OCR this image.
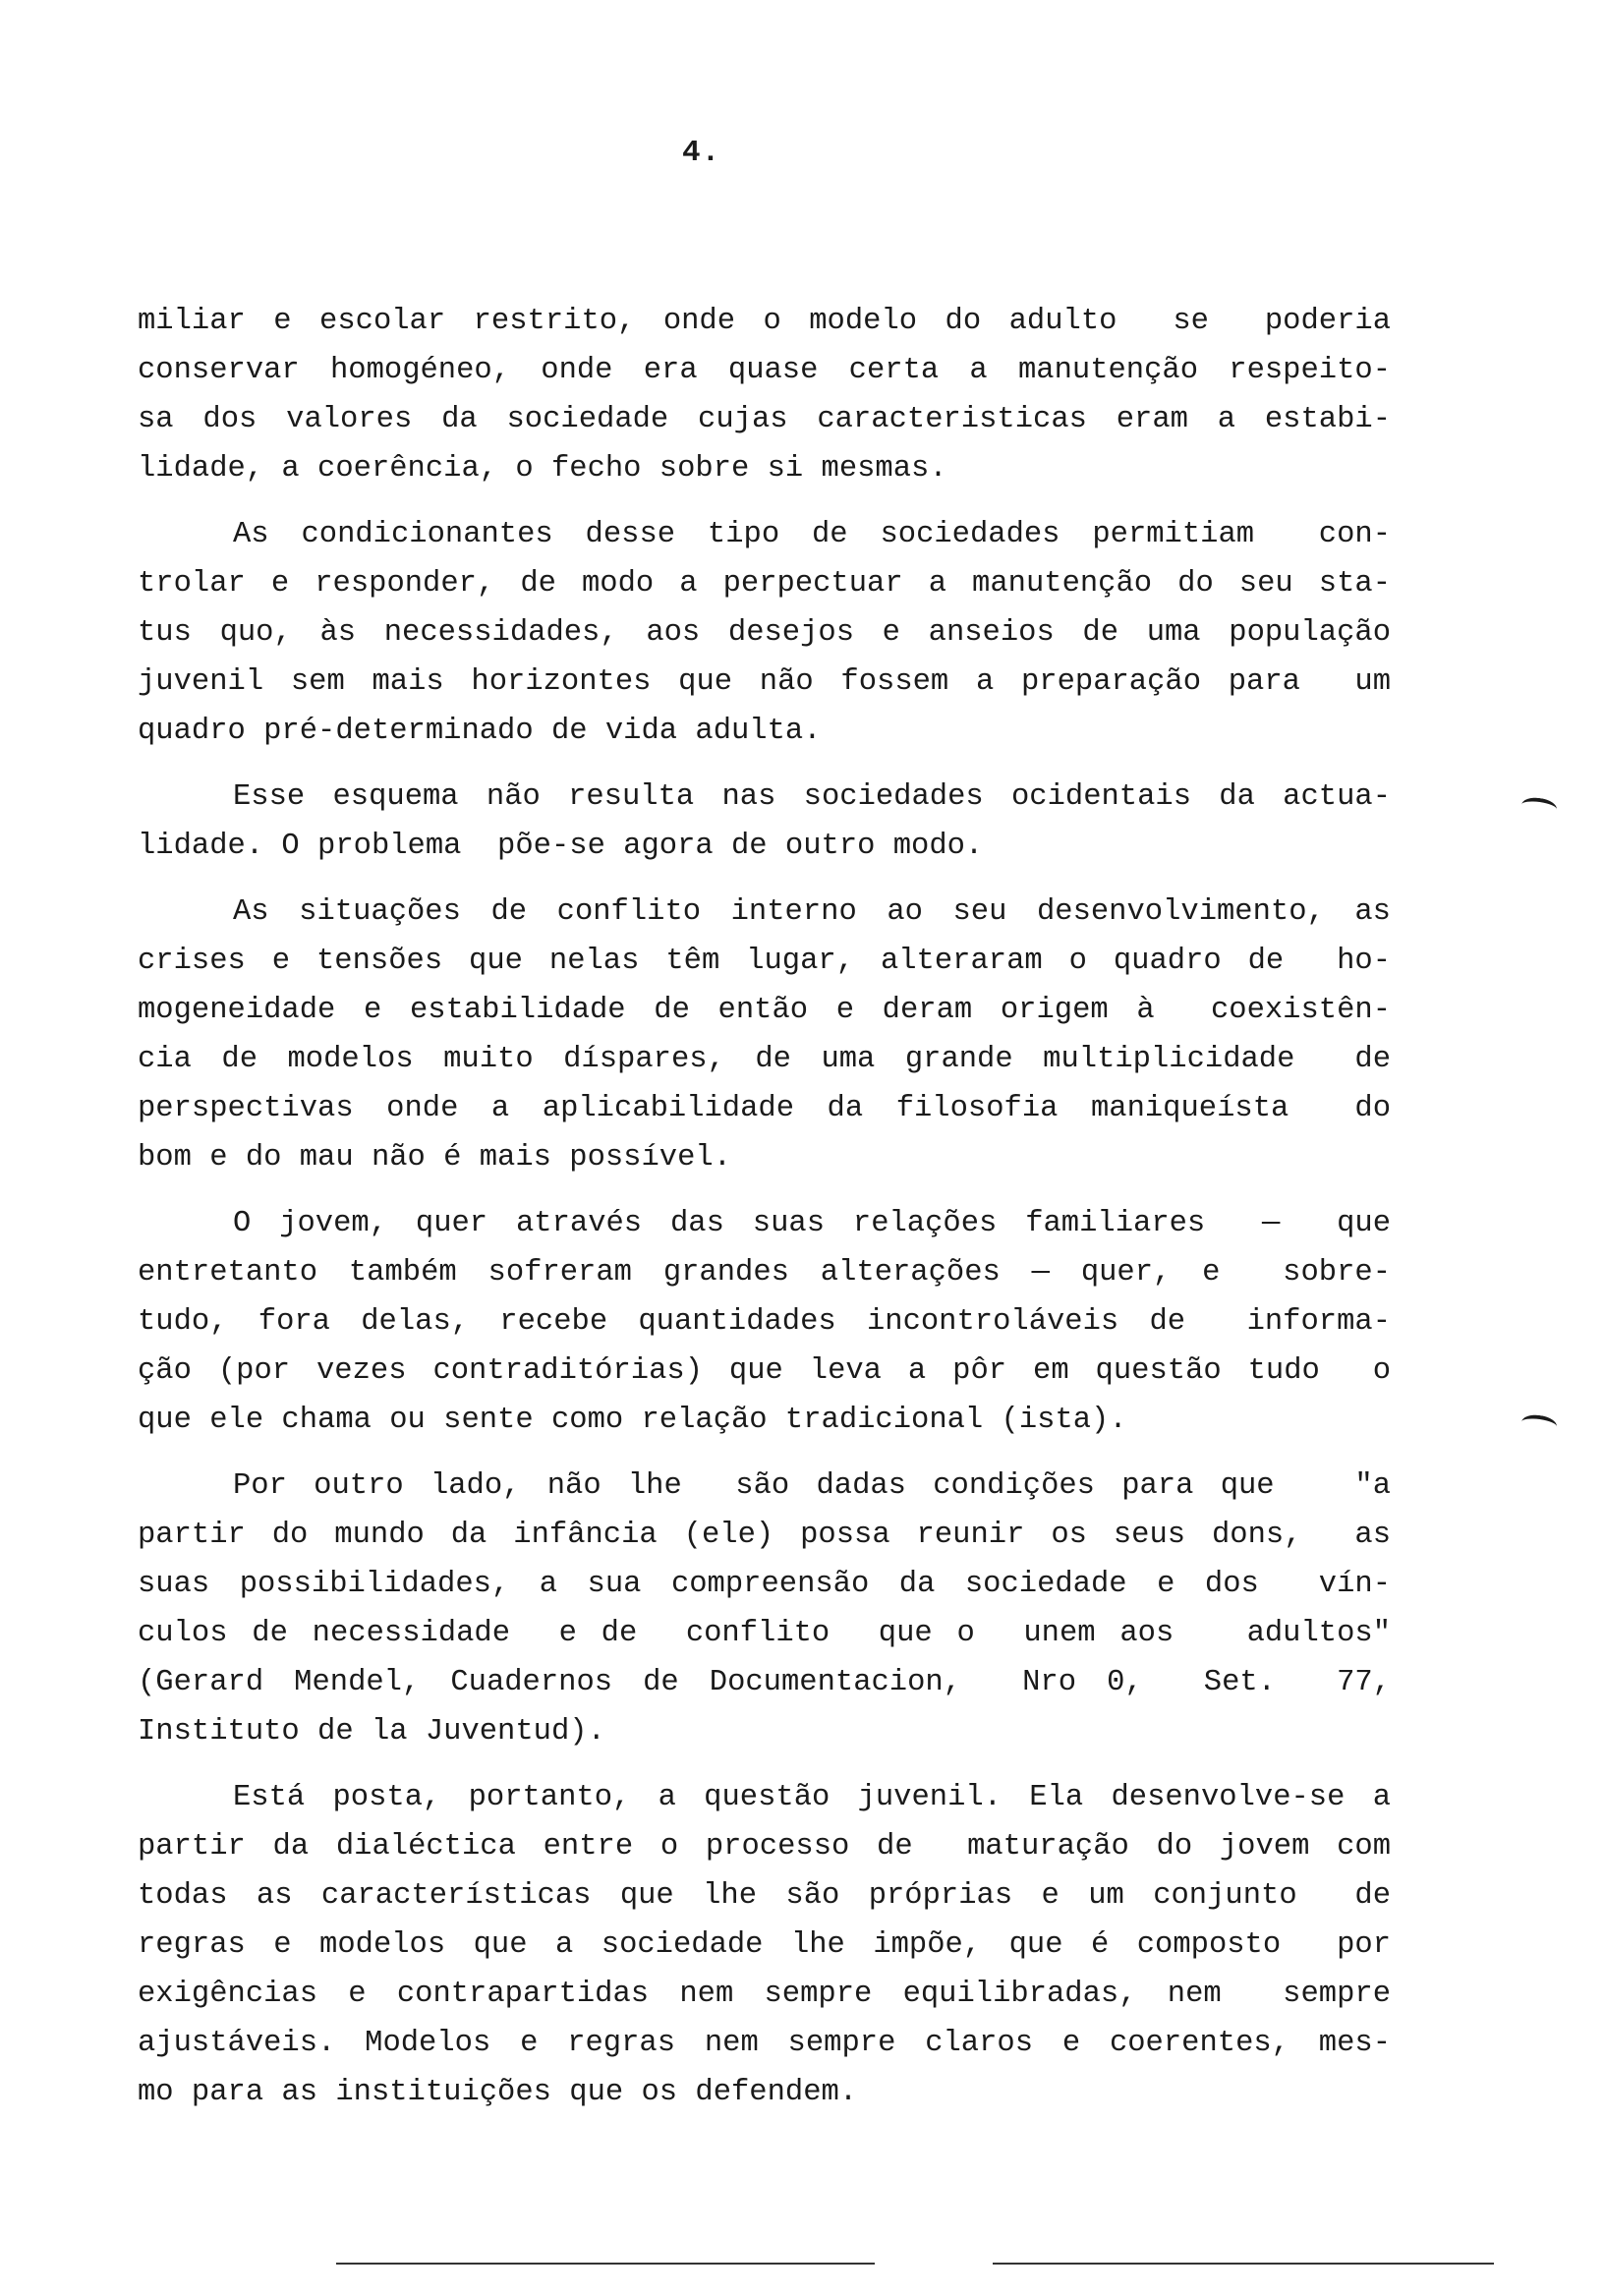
4.
miliar e escolar restrito, onde o modelo do adulto  se  poderia
conservar homogéneo, onde era quase certa a manutenção respeito-
sa dos valores da sociedade cujas caracteristicas eram a estabi-
lidade, a coerência, o fecho sobre si mesmas.
As condicionantes desse tipo de sociedades permitiam  con-
trolar e responder, de modo a perpectuar a manutenção do seu sta-
tus quo, às necessidades, aos desejos e anseios de uma população
juvenil sem mais horizontes que não fossem a preparação para  um
quadro pré-determinado de vida adulta.
Esse esquema não resulta nas sociedades ocidentais da actua-
lidade. O problema  põe-se agora de outro modo.
As situações de conflito interno ao seu desenvolvimento, as
crises e tensões que nelas têm lugar, alteraram o quadro de  ho-
mogeneidade e estabilidade de então e deram origem à  coexistên-
cia de modelos muito díspares, de uma grande multiplicidade  de
perspectivas onde a aplicabilidade da filosofia maniqueísta  do
bom e do mau não é mais possível.
O jovem, quer através das suas relações familiares  —  que
entretanto também sofreram grandes alterações — quer, e  sobre-
tudo, fora delas, recebe quantidades incontroláveis de  informa-
ção (por vezes contraditórias) que leva a pôr em questão tudo  o
que ele chama ou sente como relação tradicional (ista).
Por outro lado, não lhe  são dadas condições para que   "a
partir do mundo da infância (ele) possa reunir os seus dons,  as
suas possibilidades, a sua compreensão da sociedade e dos  vín-
culos de necessidade  e de  conflito  que o  unem aos   adultos"
(Gerard Mendel, Cuadernos de Documentacion,  Nro 0,  Set.  77,
Instituto de la Juventud).
Está posta, portanto, a questão juvenil. Ela desenvolve-se a
partir da dialéctica entre o processo de  maturação do jovem com
todas as características que lhe são próprias e um conjunto  de
regras e modelos que a sociedade lhe impõe, que é composto  por
exigências e contrapartidas nem sempre equilibradas, nem  sempre
ajustáveis. Modelos e regras nem sempre claros e coerentes, mes-
mo para as instituições que os defendem.
